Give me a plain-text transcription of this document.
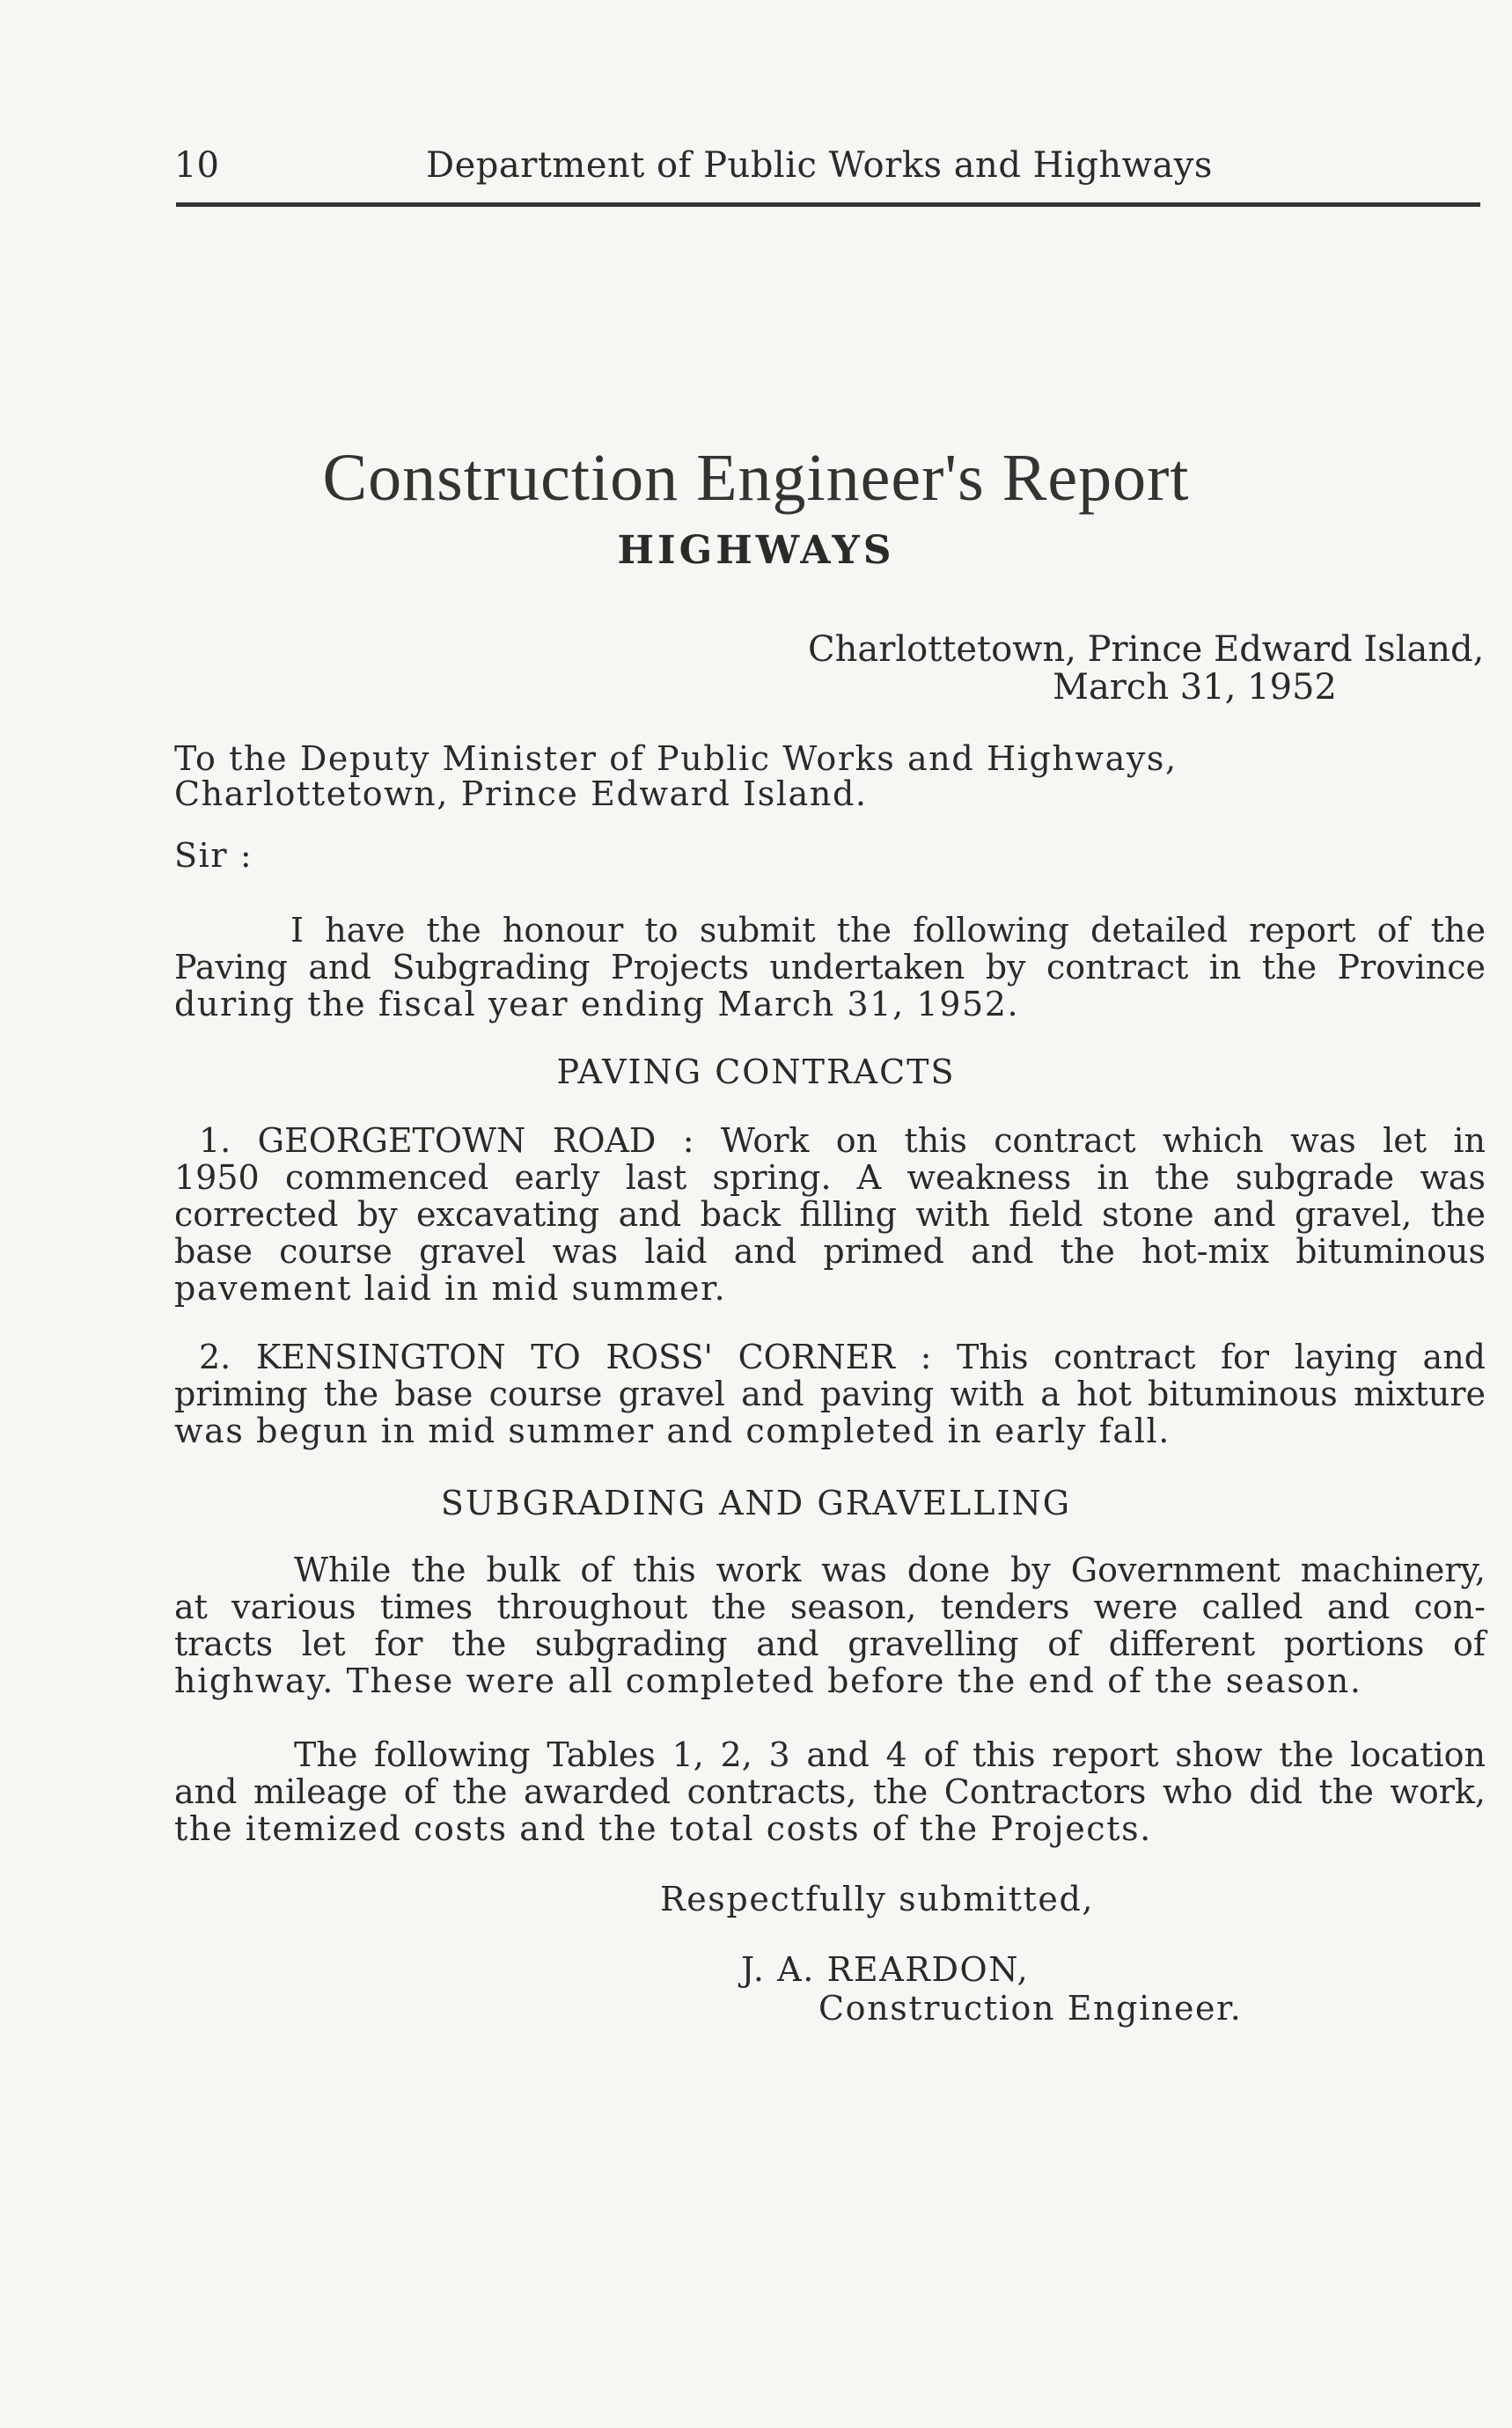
10	Department of Public Works and Highways
Construction Engineer's Report
HIGHWAYS
Charlottetown, Prince Edward Island,
March 31, 1952
To the Deputy Minister of Public Works and Highways,
Charlottetown, Prince Edward Island.
Sir :
I have the honour to submit the following detailed report of the
Paving and Subgrading Projects undertaken by contract in the Province
during the fiscal year ending March 31, 1952.
PAVING CONTRACTS
1. GEORGETOWN ROAD : Work on this contract which was let in
1950 commenced early last spring. A weakness in the subgrade was
corrected by excavating and back filling with field stone and gravel, the
base course gravel was laid and primed and the hot-mix bituminous
pavement laid in mid summer.
2. KENSINGTON TO ROSS' CORNER : This contract for laying and
priming the base course gravel and paving with a hot bituminous mixture
was begun in mid summer and completed in early fall.
SUBGRADING AND GRAVELLING
While the bulk of this work was done by Government machinery,
at various times throughout the season, tenders were called and con-
tracts let for the subgrading and gravelling of different portions of
highway. These were all completed before the end of the season.
The following Tables 1, 2, 3 and 4 of this report show the location
and mileage of the awarded contracts, the Contractors who did the work,
the itemized costs and the total costs of the Projects.
Respectfully submitted,
J. A. REARDON,
Construction Engineer.
